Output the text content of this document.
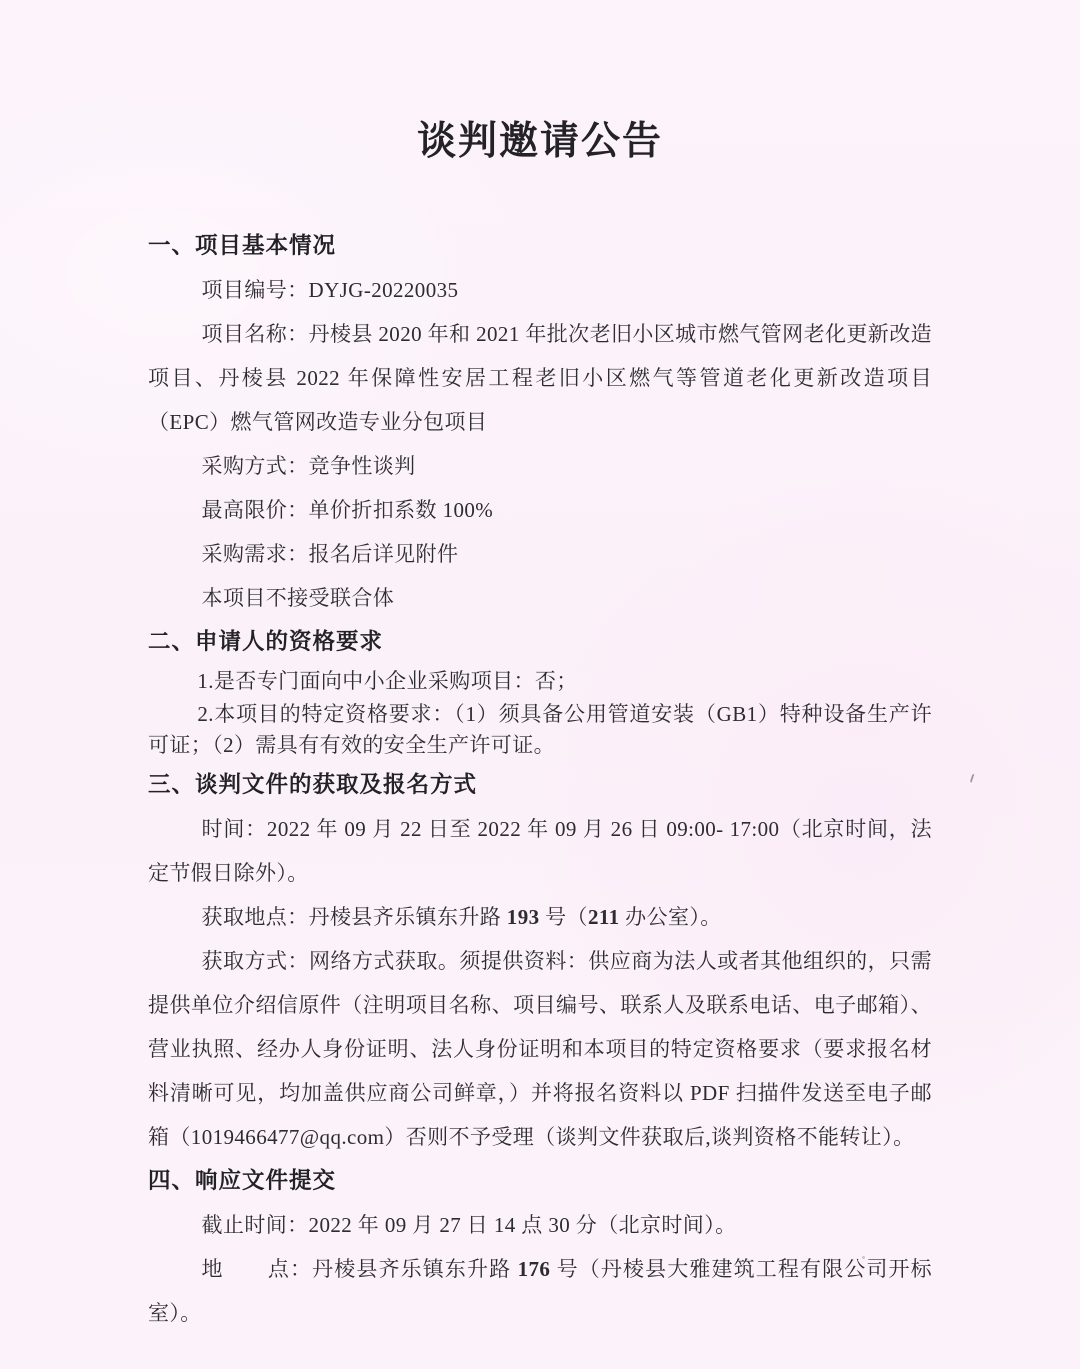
谈判邀请公告
一、项目基本情况

项目编号：DYJG-20220035

项目名称：丹棱县 2020 年和 2021 年批次老旧小区城市燃气管网老化更新改造项目、丹棱县 2022 年保障性安居工程老旧小区燃气等管道老化更新改造项目（EPC）燃气管网改造专业分包项目

采购方式：竞争性谈判

最高限价：单价折扣系数 100%

采购需求：报名后详见附件

本项目不接受联合体

二、申请人的资格要求

1.是否专门面向中小企业采购项目：否；

2.本项目的特定资格要求：（1）须具备公用管道安装（GB1）特种设备生产许可证；（2）需具有有效的安全生产许可证。

三、谈判文件的获取及报名方式

时间：2022 年 09 月 22 日至 2022 年 09 月 26 日 09:00- 17:00（北京时间，法定节假日除外）。

获取地点：丹棱县齐乐镇东升路 193 号（211 办公室）。

获取方式：网络方式获取。须提供资料：供应商为法人或者其他组织的，只需提供单位介绍信原件（注明项目名称、项目编号、联系人及联系电话、电子邮箱）、营业执照、经办人身份证明、法人身份证明和本项目的特定资格要求（要求报名材料清晰可见，均加盖供应商公司鲜章，）并将报名资料以 PDF 扫描件发送至电子邮箱（1019466477@qq.com）否则不予受理（谈判文件获取后,谈判资格不能转让）。

四、响应文件提交

截止时间：2022 年 09 月 27 日 14 点 30 分（北京时间）。

地　　点：丹棱县齐乐镇东升路 176 号（丹棱县大雅建筑工程有限公司开标室）。
